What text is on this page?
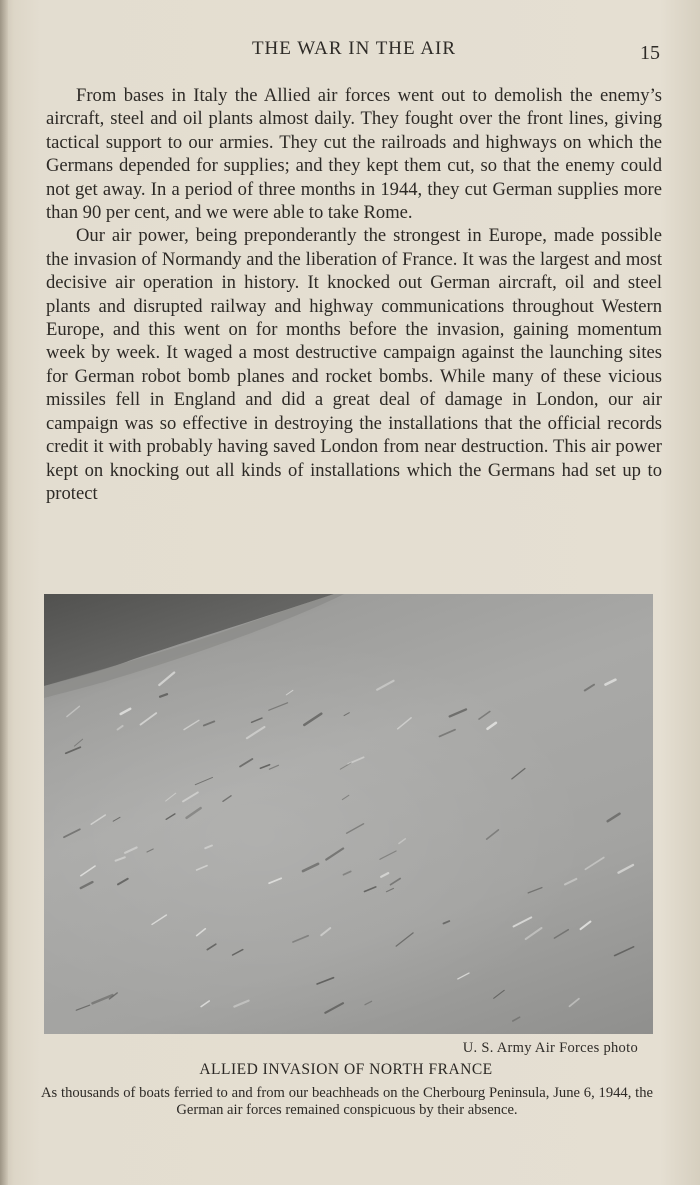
THE WAR IN THE AIR	15

From bases in Italy the Allied air forces went out to demolish the enemy’s aircraft, steel and oil plants almost daily. They fought over the front lines, giving tactical support to our armies. They cut the railroads and highways on which the Germans depended for supplies; and they kept them cut, so that the enemy could not get away. In a period of three months in 1944, they cut German supplies more than 90 per cent, and we were able to take Rome.

Our air power, being preponderantly the strongest in Europe, made possible the invasion of Normandy and the liberation of France. It was the largest and most decisive air operation in history. It knocked out German aircraft, oil and steel plants and disrupted railway and highway communications throughout Western Europe, and this went on for months before the invasion, gaining momentum week by week. It waged a most destructive campaign against the launching sites for German robot bomb planes and rocket bombs. While many of these vicious missiles fell in England and did a great deal of damage in London, our air campaign was so effective in destroying the installations that the official records credit it with probably having saved London from near destruction. This air power kept on knocking out all kinds of installations which the Germans had set up to protect

U. S. Army Air Forces photo
ALLIED INVASION OF NORTH FRANCE
As thousands of boats ferried to and from our beachheads on the Cherbourg Peninsula, June 6, 1944, the German air forces remained conspicuous by their absence.
